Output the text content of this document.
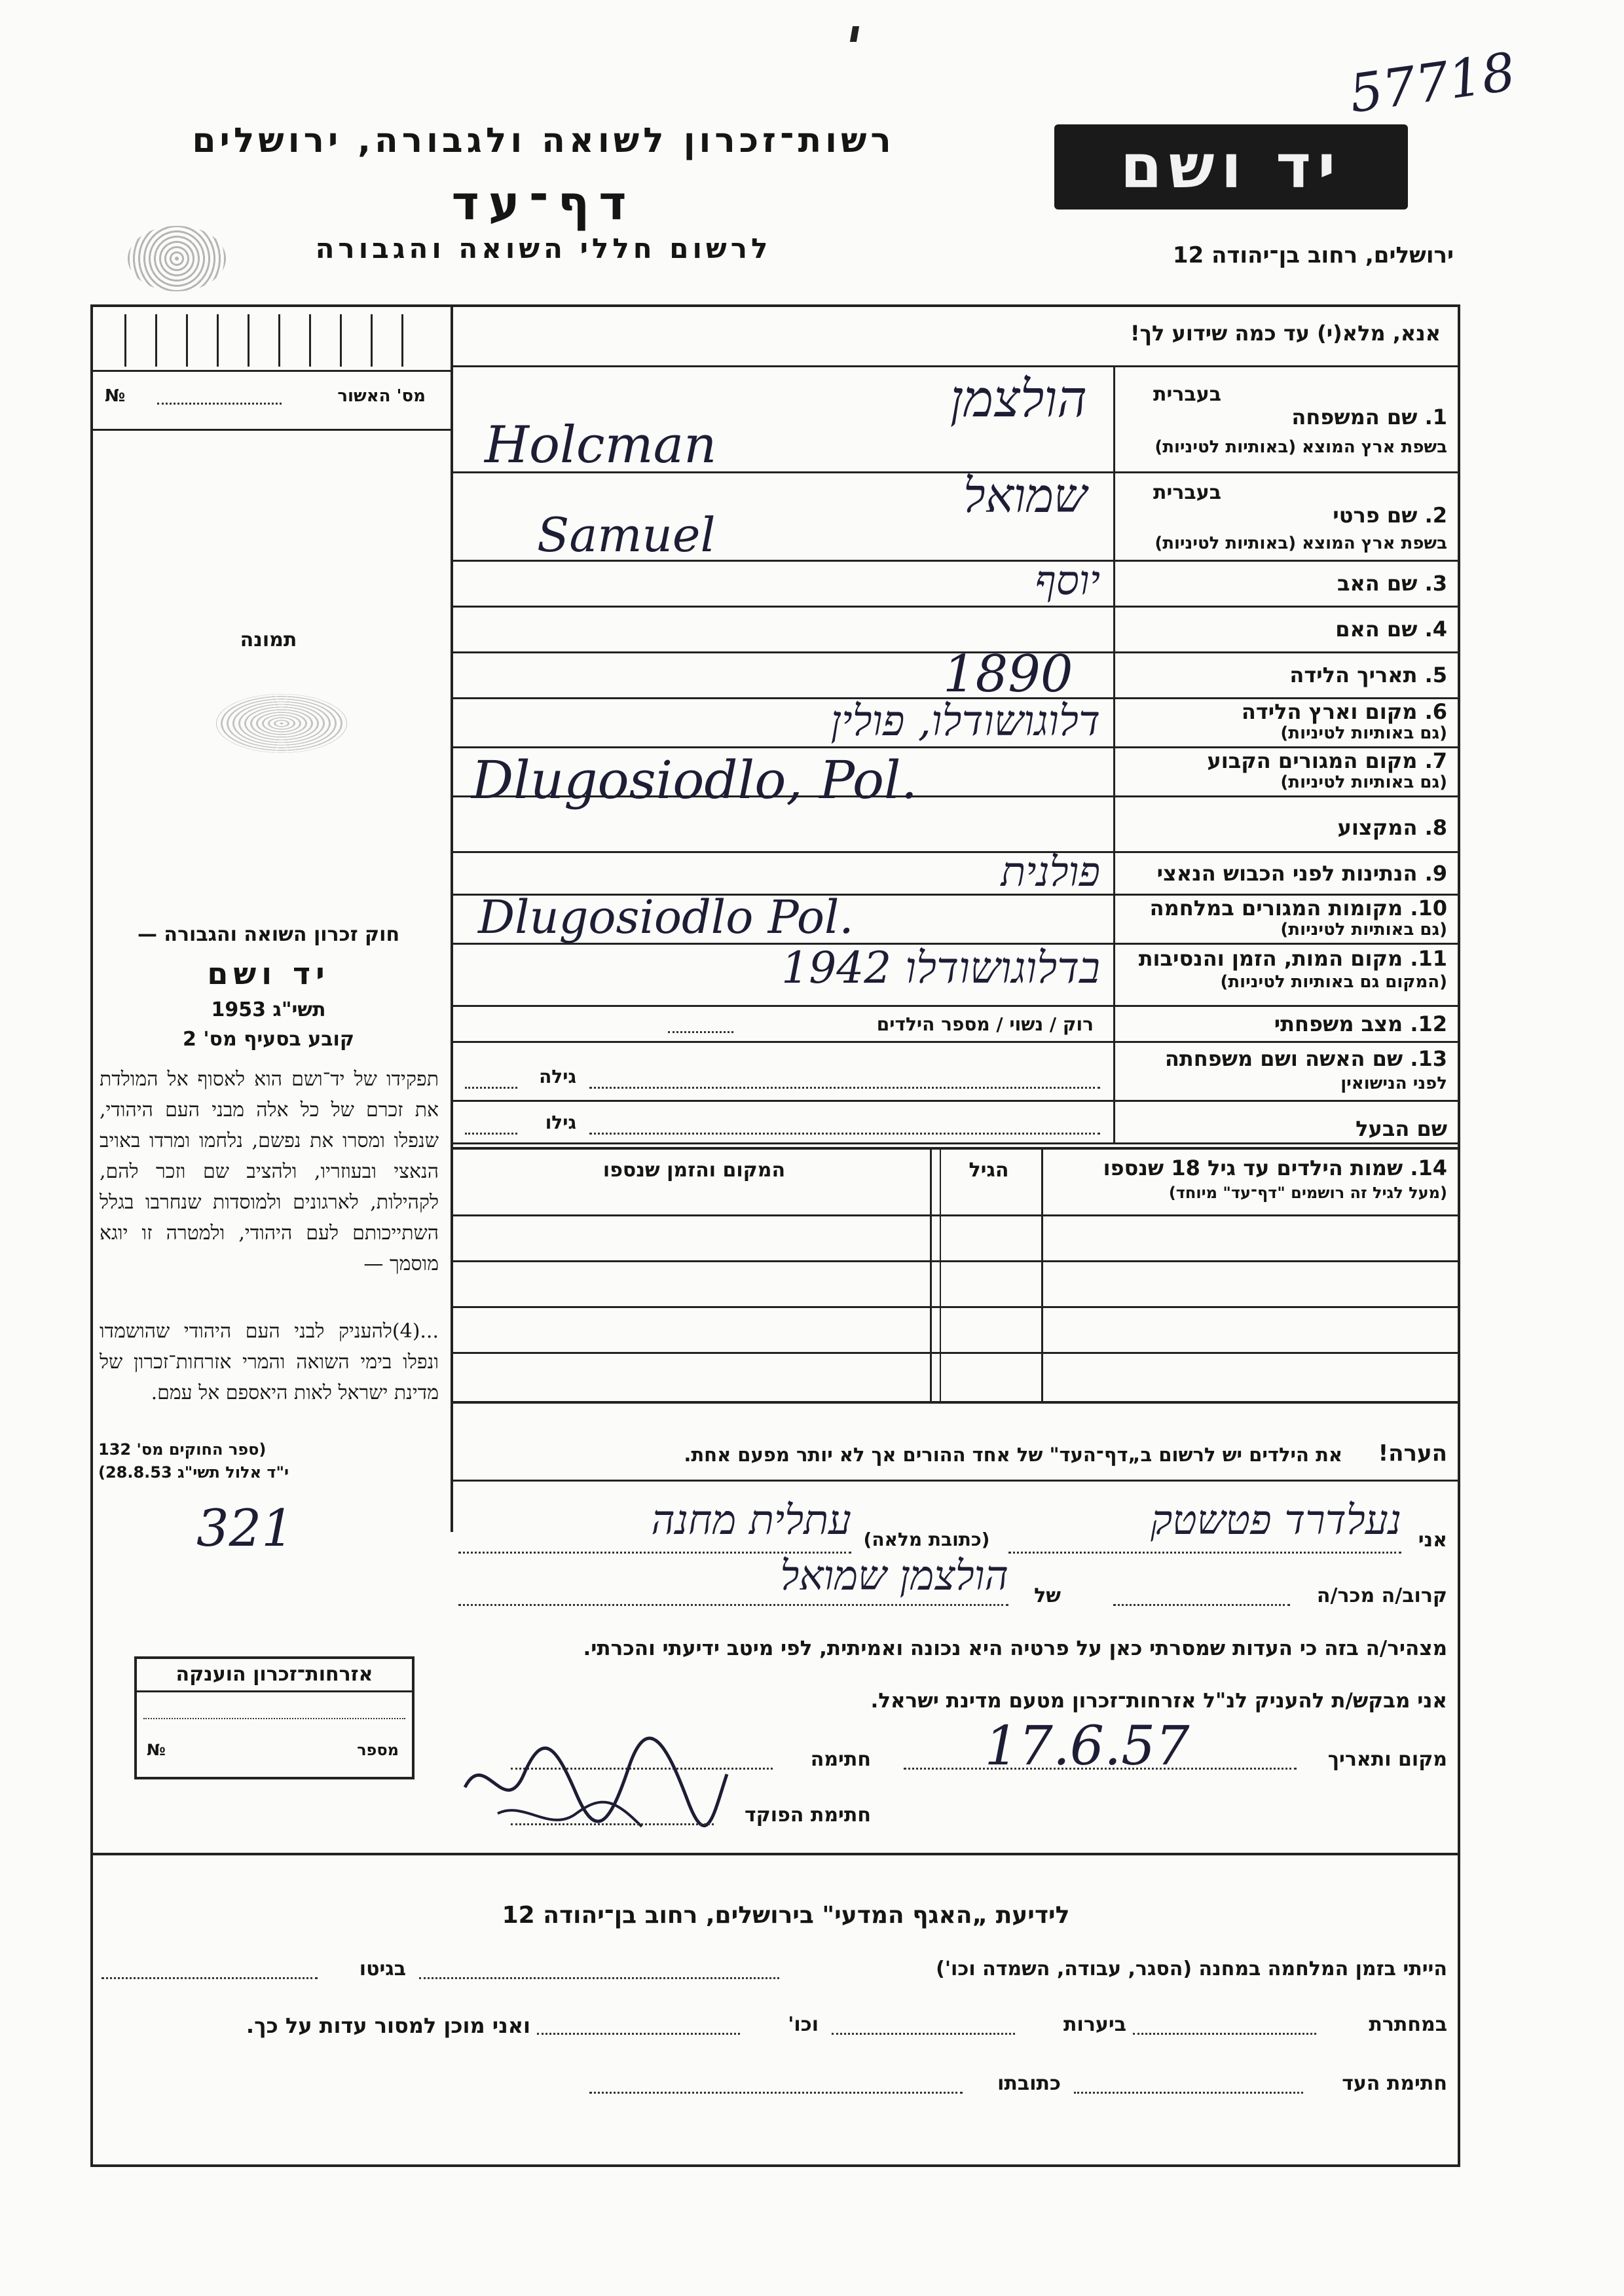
57718
רשות־זכרון לשואה ולגבורה, ירושלים
דף־עד
לרשום חללי השואה והגבורה
יד ושם
ירושלים, רחוב בן־יהודה 12
אנא, מלא(י) עד כמה שידוע לך!
מס' האשור
№
תמונה
בעברית
בעברית
1. שם המשפחה
בשפת ארץ המוצא (באותיות לטיניות)
הולצמן
Holcman
2. שם פרטי
בשפת ארץ המוצא (באותיות לטיניות)
שמואל
Samuel
3. שם האב
יוסף
4. שם האם
5. תאריך הלידה
1890
6. מקום וארץ הלידה
(גם באותיות לטיניות)
דלוגושודלו, פולין
7. מקום המגורים הקבוע
(גם באותיות לטיניות)
Dlugosiodlo, Pol.
8. המקצוע
9. הנתינות לפני הכבוש הנאצי
פולנית
10. מקומות המגורים במלחמה
(גם באותיות לטיניות)
Dlugosiodlo Pol.
11. מקום המות, הזמן והנסיבות
(המקום גם באותיות לטיניות)
בדלוגושודלו 1942
12. מצב משפחתי
רוק / נשוי / מספר הילדים
13. שם האשה ושם משפחתה
לפני הנישואין
גילה
שם הבעל
גילו
14. שמות הילדים עד גיל 18 שנספו
(מעל לגיל זה רושמים "דף־עד" מיוחד)
הגיל
המקום והזמן שנספו
הערה!
את הילדים יש לרשום ב„דף־העד" של אחד ההורים אך לא יותר מפעם אחת.
חוק זכרון השואה והגבורה —
יד ושם
תשי"ג 1953
קובע בסעיף מס' 2
תפקידו של יד־ושם הוא לאסוף אל המולדת את זכרם של כל אלה מבני העם היהודי, שנפלו ומסרו את נפשם, נלחמו ומרדו באויב הנאצי ובעוזריו, ולהציב שם וזכר להם, לקהילות, לארגונים ולמוסדות שנחרבו בגלל השתייכותם לעם היהודי, ולמטרה זו יוגא מוסמך —
...(4)להעניק לבני העם היהודי שהושמדו ונפלו בימי השואה והמרי אזרחות־זכרון של מדינת ישראל לאות היאספם אל עמם.
(ספר החוקים מס' 132
י"ד אלול תשי"ג 28.8.53)
אני
נעלדרד פטשטק
(כתובת מלאה)
עתלית מחנה
321
קרוב/ה מכר/ה
של
הולצמן שמואל
מצהיר/ה בזה כי העדות שמסרתי כאן על פרטיה היא נכונה ואמיתית, לפי מיטב ידיעתי והכרתי.
אני מבקש/ת להעניק לנ"ל אזרחות־זכרון מטעם מדינת ישראל.
מקום ותאריך
17.6.57
חתימה
חתימת הפוקד
אזרחות־זכרון הוענקה
מספר
№
לידיעת „האגף המדעי" בירושלים, רחוב בן־יהודה 12
הייתי בזמן המלחמה במחנה (הסגר, עבודה, השמדה וכו')
בגיטו
במחתרת
ביערות
וכו'
ואני מוכן למסור עדות על כך.
חתימת העד
כתובתו
